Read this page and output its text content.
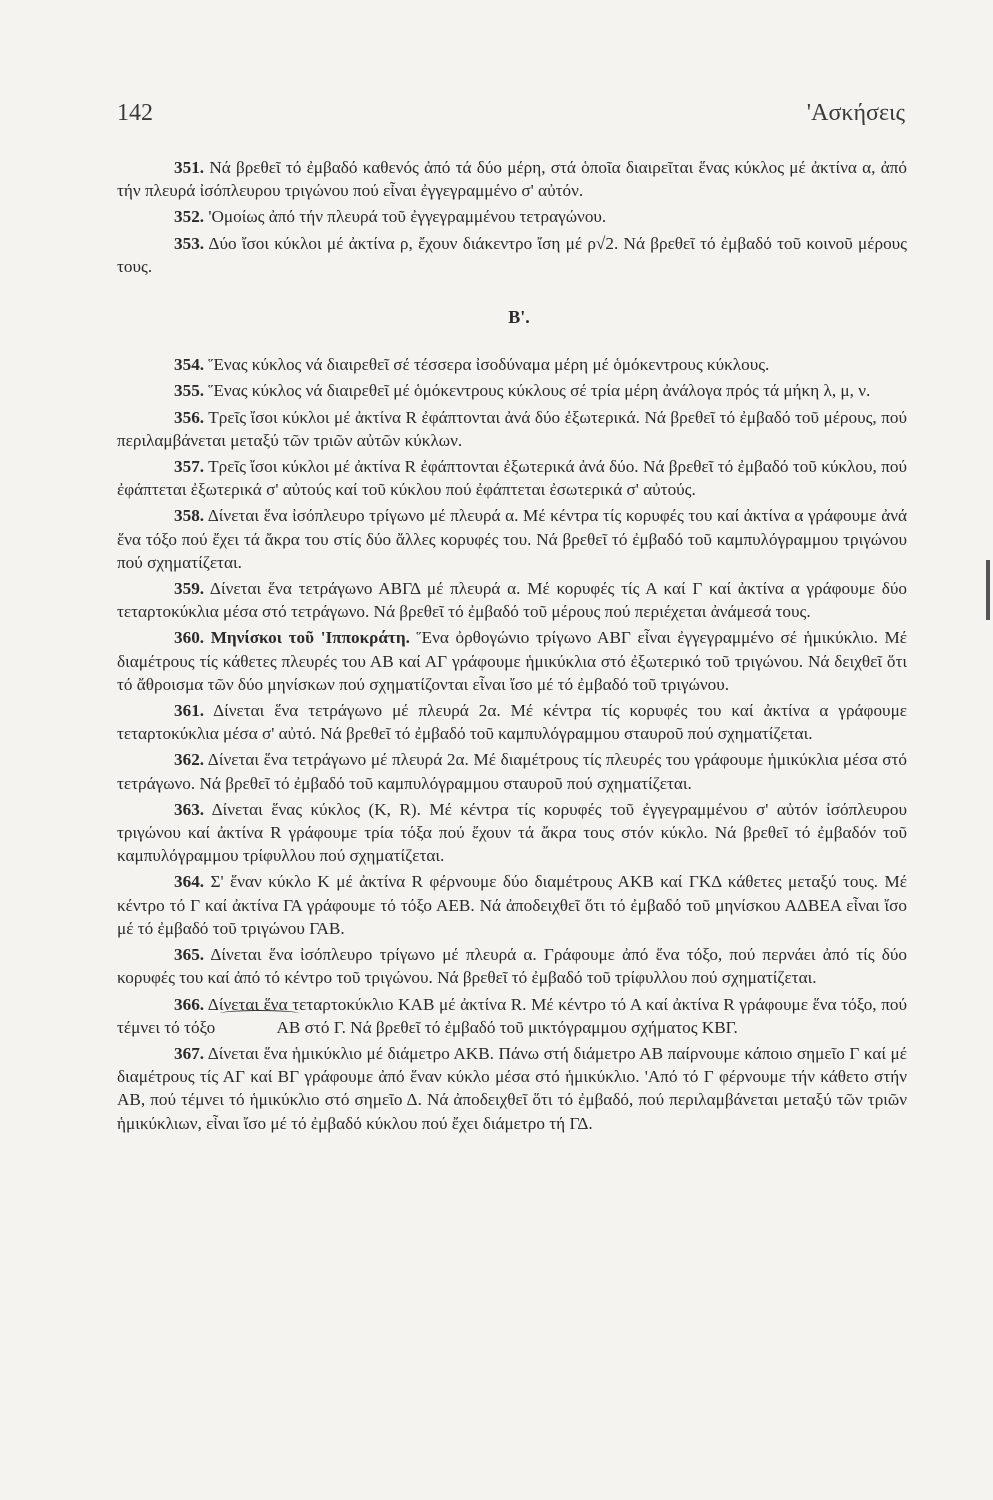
142	'Ασκήσεις

351. Νά βρεθεῖ τό ἐμβαδό καθενός ἀπό τά δύο μέρη, στά ὁποῖα διαιρεῖται ἕνας κύκλος μέ ἀκτίνα α, ἀπό τήν πλευρά ἰσόπλευρου τριγώνου πού εἶναι ἐγγεγραμμένο σ' αὐτόν.

352. 'Ομοίως ἀπό τήν πλευρά τοῦ ἐγγεγραμμένου τετραγώνου.

353. Δύο ἴσοι κύκλοι μέ ἀκτίνα ρ, ἔχουν διάκεντρο ἴση μέ ρ√2. Νά βρεθεῖ τό ἐμβαδό τοῦ κοινοῦ μέρους τους.

Β'.

354. Ἕνας κύκλος νά διαιρεθεῖ σέ τέσσερα ἰσοδύναμα μέρη μέ ὁμόκεντρους κύκλους.

355. Ἕνας κύκλος νά διαιρεθεῖ μέ ὁμόκεντρους κύκλους σέ τρία μέρη ἀνάλογα πρός τά μήκη λ, μ, ν.

356. Τρεῖς ἴσοι κύκλοι μέ ἀκτίνα R ἐφάπτονται ἀνά δύο ἐξωτερικά. Νά βρεθεῖ τό ἐμβαδό τοῦ μέρους, πού περιλαμβάνεται μεταξύ τῶν τριῶν αὐτῶν κύκλων.

357. Τρεῖς ἴσοι κύκλοι μέ ἀκτίνα R ἐφάπτονται ἐξωτερικά ἀνά δύο. Νά βρεθεῖ τό ἐμβαδό τοῦ κύκλου, πού ἐφάπτεται ἐξωτερικά σ' αὐτούς καί τοῦ κύκλου πού ἐφάπτεται ἐσωτερικά σ' αὐτούς.

358. Δίνεται ἕνα ἰσόπλευρο τρίγωνο μέ πλευρά α. Μέ κέντρα τίς κορυφές του καί ἀκτίνα α γράφουμε ἀνά ἕνα τόξο πού ἔχει τά ἄκρα του στίς δύο ἄλλες κορυφές του. Νά βρεθεῖ τό ἐμβαδό τοῦ καμπυλόγραμμου τριγώνου πού σχηματίζεται.

359. Δίνεται ἕνα τετράγωνο ΑΒΓΔ μέ πλευρά α. Μέ κορυφές τίς Α καί Γ καί ἀκτίνα α γράφουμε δύο τεταρτοκύκλια μέσα στό τετράγωνο. Νά βρεθεῖ τό ἐμβαδό τοῦ μέρους πού περιέχεται ἀνάμεσά τους.

360. Μηνίσκοι τοῦ 'Ιπποκράτη. Ἕνα ὀρθογώνιο τρίγωνο ΑΒΓ εἶναι ἐγγεγραμμένο σέ ἡμικύκλιο. Μέ διαμέτρους τίς κάθετες πλευρές του ΑΒ καί ΑΓ γράφουμε ἡμικύκλια στό ἐξωτερικό τοῦ τριγώνου. Νά δειχθεῖ ὅτι τό ἄθροισμα τῶν δύο μηνίσκων πού σχηματίζονται εἶναι ἴσο μέ τό ἐμβαδό τοῦ τριγώνου.

361. Δίνεται ἕνα τετράγωνο μέ πλευρά 2α. Μέ κέντρα τίς κορυφές του καί ἀκτίνα α γράφουμε τεταρτοκύκλια μέσα σ' αὐτό. Νά βρεθεῖ τό ἐμβαδό τοῦ καμπυλόγραμμου σταυροῦ πού σχηματίζεται.

362. Δίνεται ἕνα τετράγωνο μέ πλευρά 2α. Μέ διαμέτρους τίς πλευρές του γράφουμε ἡμικύκλια μέσα στό τετράγωνο. Νά βρεθεῖ τό ἐμβαδό τοῦ καμπυλόγραμμου σταυροῦ πού σχηματίζεται.

363. Δίνεται ἕνας κύκλος (Κ, R). Μέ κέντρα τίς κορυφές τοῦ ἐγγεγραμμένου σ' αὐτόν ἰσόπλευρου τριγώνου καί ἀκτίνα R γράφουμε τρία τόξα πού ἔχουν τά ἄκρα τους στόν κύκλο. Νά βρεθεῖ τό ἐμβαδόν τοῦ καμπυλόγραμμου τρίφυλλου πού σχηματίζεται.

364. Σ' ἕναν κύκλο Κ μέ ἀκτίνα R φέρνουμε δύο διαμέτρους ΑΚΒ καί ΓΚΔ κάθετες μεταξύ τους. Μέ κέντρο τό Γ καί ἀκτίνα ΓΑ γράφουμε τό τόξο ΑΕΒ. Νά ἀποδειχθεῖ ὅτι τό ἐμβαδό τοῦ μηνίσκου ΑΔΒΕΑ εἶναι ἴσο μέ τό ἐμβαδό τοῦ τριγώνου ΓΑΒ.

365. Δίνεται ἕνα ἰσόπλευρο τρίγωνο μέ πλευρά α. Γράφουμε ἀπό ἕνα τόξο, πού περνάει ἀπό τίς δύο κορυφές του καί ἀπό τό κέντρο τοῦ τριγώνου. Νά βρεθεῖ τό ἐμβαδό τοῦ τρίφυλλου πού σχηματίζεται.

366. Δίνεται ἕνα τεταρτοκύκλιο ΚΑΒ μέ ἀκτίνα R. Μέ κέντρο τό Α καί ἀκτίνα R γράφουμε ἕνα τόξο, πού τέμνει τό τόξο	ΑΒ στό Γ. Νά βρεθεῖ τό ἐμβαδό τοῦ μικτόγραμμου σχήματος ΚΒΓ.

367. Δίνεται ἕνα ἡμικύκλιο μέ διάμετρο ΑΚΒ. Πάνω στή διάμετρο ΑΒ παίρνουμε κάποιο σημεῖο Γ καί μέ διαμέτρους τίς ΑΓ καί ΒΓ γράφουμε ἀπό ἕναν κύκλο μέσα στό ἡμικύκλιο. 'Από τό Γ φέρνουμε τήν κάθετο στήν ΑΒ, πού τέμνει τό ἡμικύκλιο στό σημεῖο Δ. Νά ἀποδειχθεῖ ὅτι τό ἐμβαδό, πού περιλαμβάνεται μεταξύ τῶν τριῶν ἡμικύκλιων, εἶναι ἴσο μέ τό ἐμβαδό κύκλου πού ἔχει διάμετρο τή ΓΔ.
